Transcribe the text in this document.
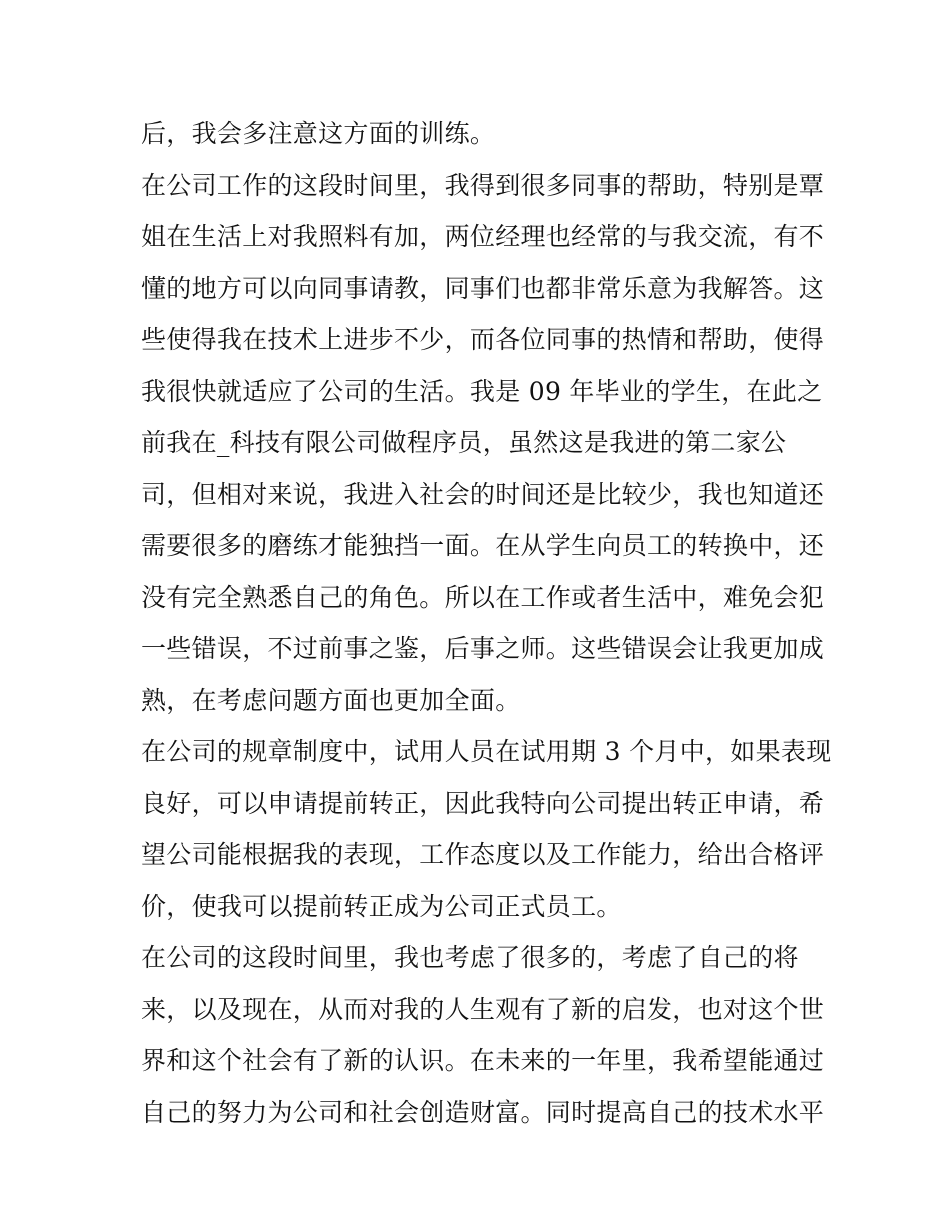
后，我会多注意这方面的训练。
在公司工作的这段时间里，我得到很多同事的帮助，特别是覃
姐在生活上对我照料有加，两位经理也经常的与我交流，有不
懂的地方可以向同事请教，同事们也都非常乐意为我解答。这
些使得我在技术上进步不少，而各位同事的热情和帮助，使得
我很快就适应了公司的生活。我是 09 年毕业的学生，在此之
前我在_科技有限公司做程序员，虽然这是我进的第二家公
司，但相对来说，我进入社会的时间还是比较少，我也知道还
需要很多的磨练才能独挡一面。在从学生向员工的转换中，还
没有完全熟悉自己的角色。所以在工作或者生活中，难免会犯
一些错误，不过前事之鉴，后事之师。这些错误会让我更加成
熟，在考虑问题方面也更加全面。
在公司的规章制度中，试用人员在试用期 3 个月中，如果表现
良好，可以申请提前转正，因此我特向公司提出转正申请，希
望公司能根据我的表现，工作态度以及工作能力，给出合格评
价，使我可以提前转正成为公司正式员工。
在公司的这段时间里，我也考虑了很多的，考虑了自己的将
来，以及现在，从而对我的人生观有了新的启发，也对这个世
界和这个社会有了新的认识。在未来的一年里，我希望能通过
自己的努力为公司和社会创造财富。同时提高自己的技术水平
